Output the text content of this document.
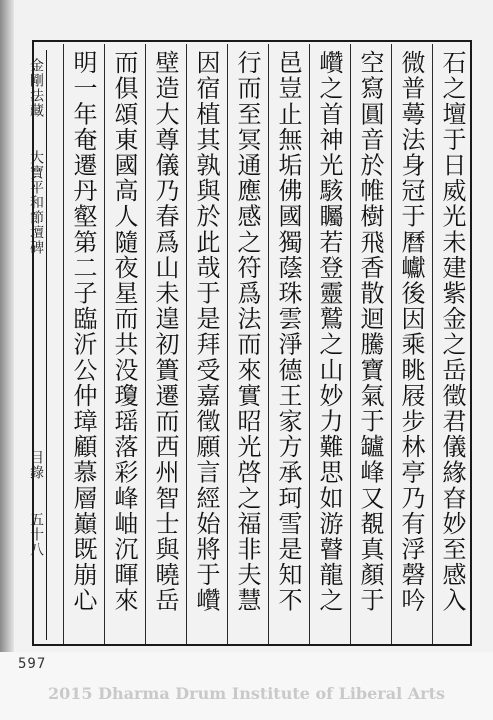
金剛法藏
大寶平和節壇碑
目錄
五十八	石之壇于日威光未建紫金之岳徵君儀緣昚妙至感入
微普蕚法身冠于曆巘後因乘眺屐步林亭乃有浮磬吟
空寫圓音於帷樹飛香散迴騰寶氣于罏峰又覩真顏于
巑之首神光駭矚若登靈鷲之山妙力難思如游瞽龍之
邑豈止無垢佛國獨蔭珠雲淨德王家方承珂雪是知不
行而至冥通應感之符爲法而來實昭光啓之福非夫慧
因宿植其孰與於此哉于是拜受嘉徵願言經始將于巑
壁造大尊儀乃春爲山未遑初簣遷而西州智士與曉岳
而俱頌東國高人隨夜星而共没瓊瑶落彩峰岫沉暉來
明一年奄遷丹壑第二子臨沂公仲璋顧慕層巔既崩心
597
2015 Dharma Drum Institute of Liberal Arts
